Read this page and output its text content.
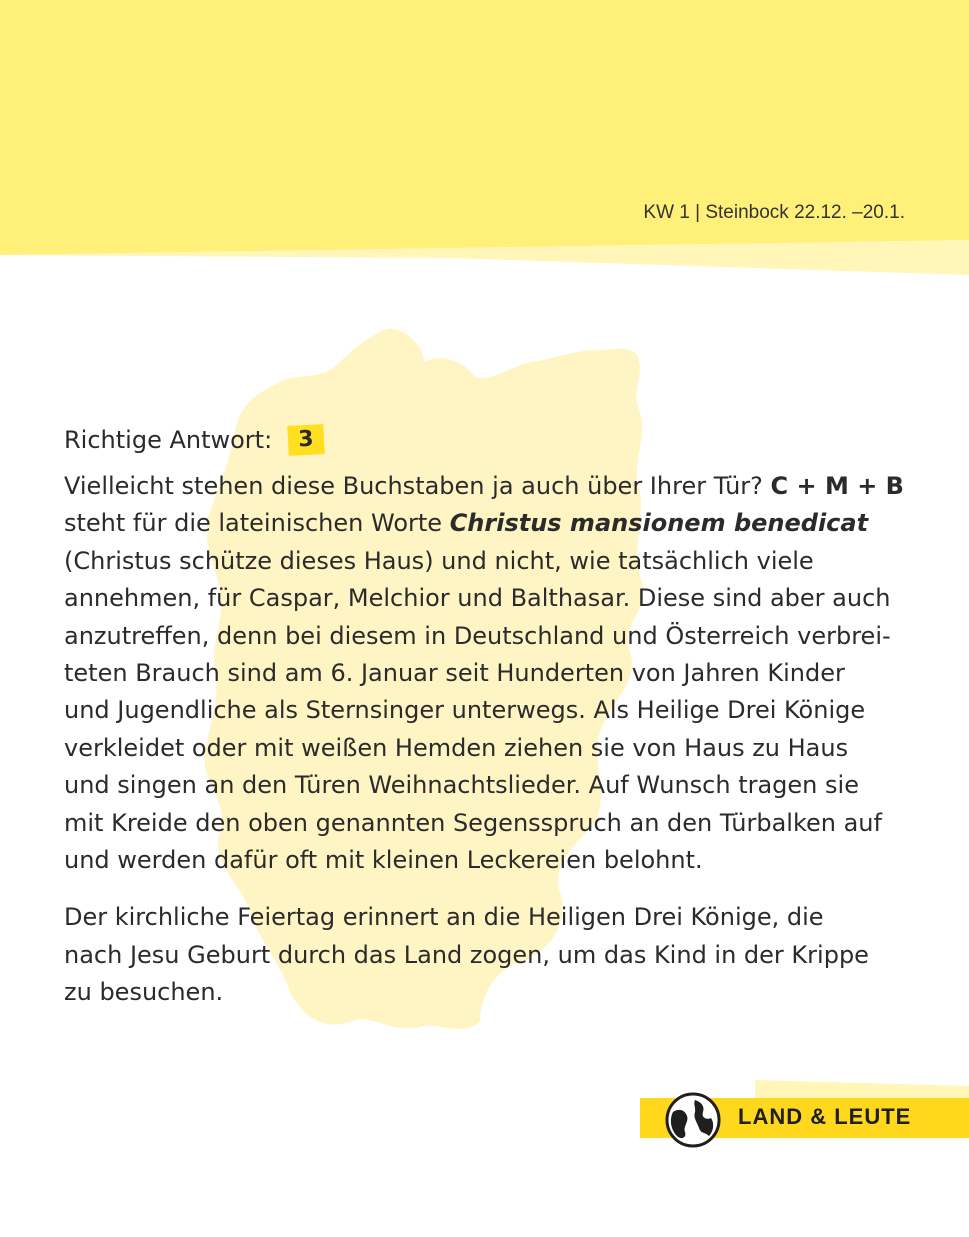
KW 1 | Steinbock 22.12. –20.1.
Richtige Antwort:	3
Vielleicht stehen diese Buchstaben ja auch über Ihrer Tür? C + M + B
steht für die lateinischen Worte Christus mansionem benedicat
(Christus schütze dieses Haus) und nicht, wie tatsächlich viele
annehmen, für Caspar, Melchior und Balthasar. Diese sind aber auch
anzutreffen, denn bei diesem in Deutschland und Österreich verbrei-
teten Brauch sind am 6. Januar seit Hunderten von Jahren Kinder
und Jugendliche als Sternsinger unterwegs. Als Heilige Drei Könige
verkleidet oder mit weißen Hemden ziehen sie von Haus zu Haus
und singen an den Türen Weihnachtslieder. Auf Wunsch tragen sie
mit Kreide den oben genannten Segensspruch an den Türbalken auf
und werden dafür oft mit kleinen Leckereien belohnt.
Der kirchliche Feiertag erinnert an die Heiligen Drei Könige, die
nach Jesu Geburt durch das Land zogen, um das Kind in der Krippe
zu besuchen.
LAND & LEUTE
